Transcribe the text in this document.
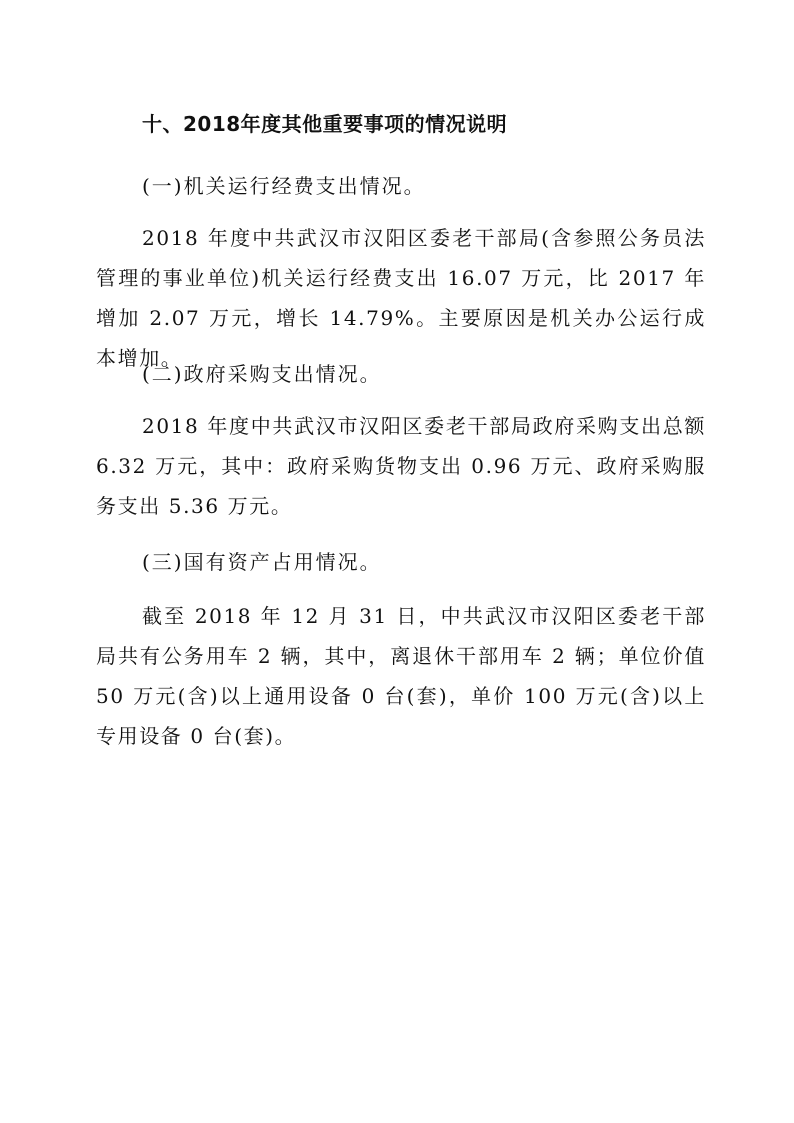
十、2018年度其他重要事项的情况说明
(一)机关运行经费支出情况。
2018 年度中共武汉市汉阳区委老干部局(含参照公务员法管理的事业单位)机关运行经费支出 16.07 万元，比 2017 年增加 2.07 万元，增长 14.79%。主要原因是机关办公运行成本增加。
(二)政府采购支出情况。
2018 年度中共武汉市汉阳区委老干部局政府采购支出总额 6.32 万元，其中：政府采购货物支出 0.96 万元、政府采购服务支出 5.36 万元。
(三)国有资产占用情况。
截至 2018 年 12 月 31 日，中共武汉市汉阳区委老干部局共有公务用车 2 辆，其中，离退休干部用车 2 辆；单位价值 50 万元(含)以上通用设备 0 台(套)，单价 100 万元(含)以上专用设备 0 台(套)。
